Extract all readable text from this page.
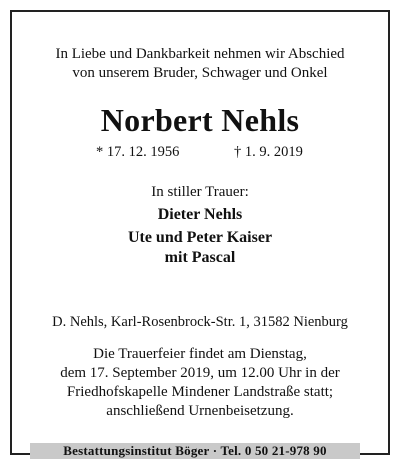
In Liebe und Dankbarkeit nehmen wir Abschied
von unserem Bruder, Schwager und Onkel
Norbert Nehls
* 17. 12. 1956	† 1. 9. 2019
In stiller Trauer:
Dieter Nehls
Ute und Peter Kaiser
mit Pascal
D. Nehls, Karl-Rosenbrock-Str. 1, 31582 Nienburg
Die Trauerfeier findet am Dienstag,
dem 17. September 2019, um 12.00 Uhr in der
Friedhofskapelle Mindener Landstraße statt;
anschließend Urnenbeisetzung.
Bestattungsinstitut Böger · Tel. 0 50 21-978 90
